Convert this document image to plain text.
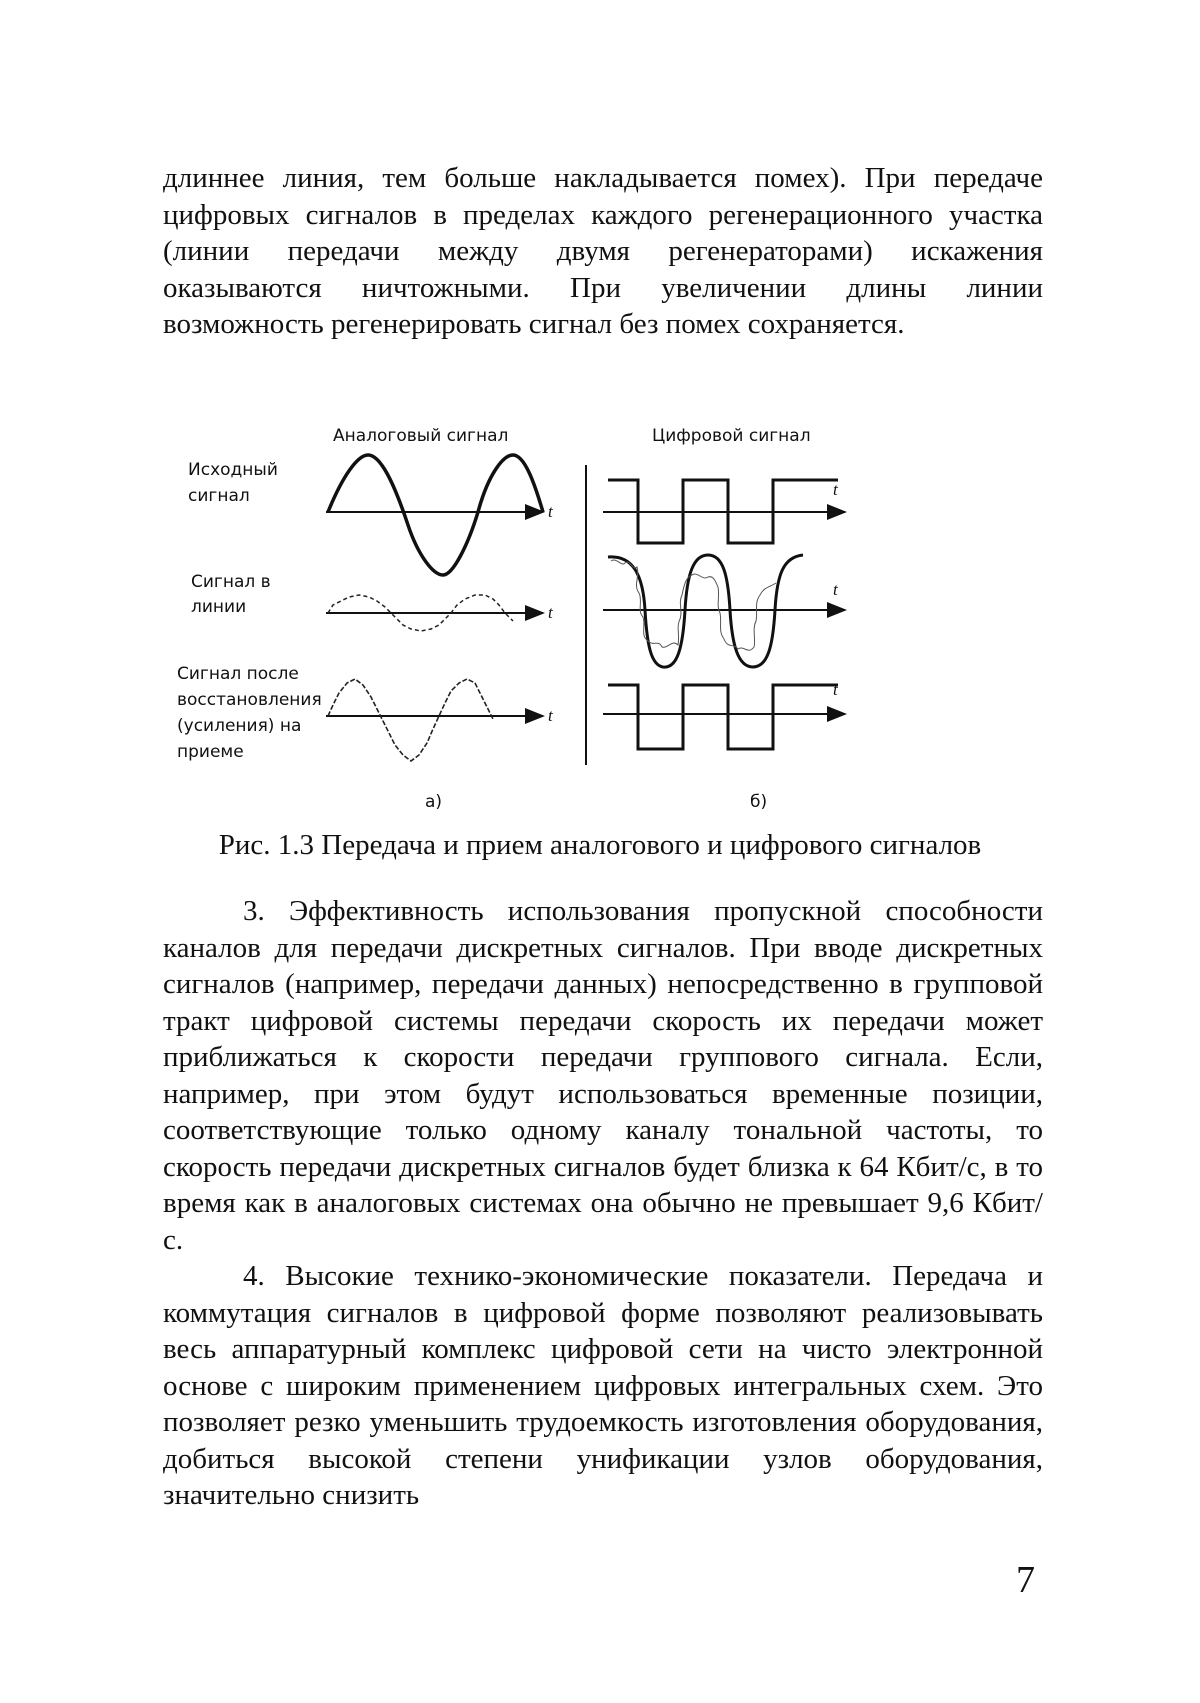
длиннее линия, тем больше накладывается помех). При передаче цифровых сигналов в пределах каждого регенерационного участка (линии передачи между двумя регенераторами) искажения оказываются ничтожными. При увеличении длины линии возможность регенерировать сигнал без помех сохраняется.

Аналоговый сигнал	Цифровой сигнал
Исходный
сигнал
Сигнал в
линии
Сигнал после
восстановления
(усиления) на
приеме
t
t
t
t
t
t
а)	б)
Рис. 1.3 Передача и прием аналогового и цифрового сигналов

3. Эффективность использования пропускной способности каналов для передачи дискретных сигналов. При вводе дискретных сигналов (например, передачи данных) непосредственно в групповой тракт цифровой системы передачи скорость их передачи может приближаться к скорости передачи группового сигнала. Если, например, при этом будут использоваться временные позиции, соответствующие только одному каналу тональной частоты, то скорость передачи дискретных сигналов будет близка к 64 Кбит/с, в то время как в аналоговых системах она обычно не превышает 9,6 Кбит/с.

4. Высокие технико-экономические показатели. Передача и коммутация сигналов в цифровой форме позволяют реализовывать весь аппаратурный комплекс цифровой сети на чисто электронной основе с широким применением цифровых интегральных схем. Это позволяет резко уменьшить трудоемкость изготовления оборудования, добиться высокой степени унификации узлов оборудования, значительно снизить

7
